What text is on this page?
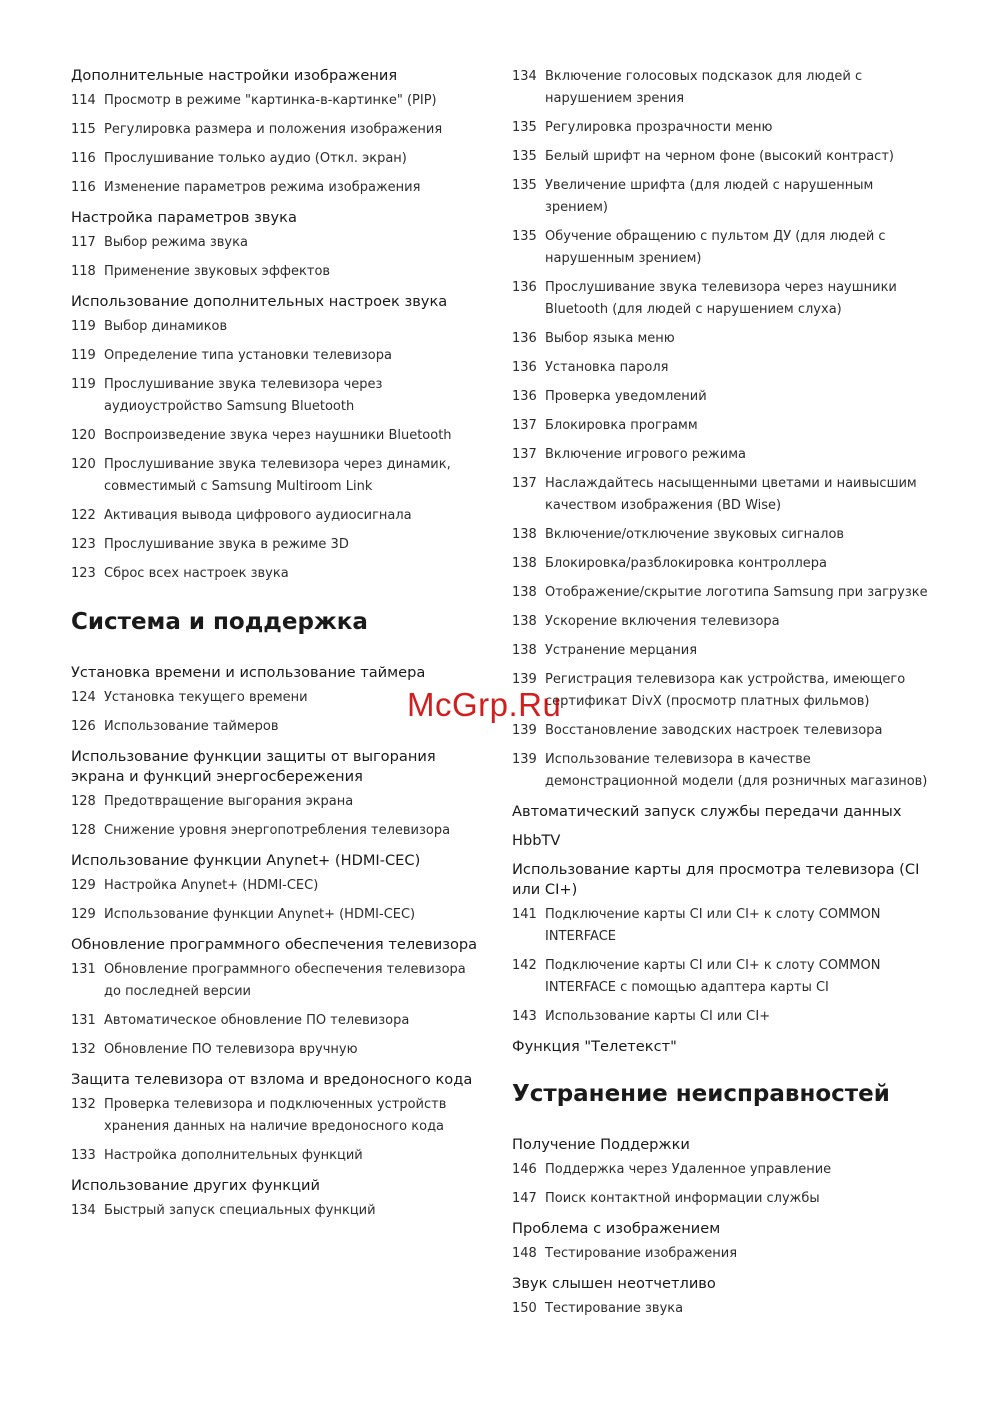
Дополнительные настройки изображения
114 Просмотр в режиме "картинка-в-картинке" (PIP)
115 Регулировка размера и положения изображения
116 Прослушивание только аудио (Откл. экран)
116 Изменение параметров режима изображения
Настройка параметров звука
117 Выбор режима звука
118 Применение звуковых эффектов
Использование дополнительных настроек звука
119 Выбор динамиков
119 Определение типа установки телевизора
119 Прослушивание звука телевизора через аудиоустройство Samsung Bluetooth
120 Воспроизведение звука через наушники Bluetooth
120 Прослушивание звука телевизора через динамик, совместимый с Samsung Multiroom Link
122 Активация вывода цифрового аудиосигнала
123 Прослушивание звука в режиме 3D
123 Сброс всех настроек звука
Система и поддержка
Установка времени и использование таймера
124 Установка текущего времени
126 Использование таймеров
Использование функции защиты от выгорания экрана и функций энергосбережения
128 Предотвращение выгорания экрана
128 Снижение уровня энергопотребления телевизора
Использование функции Anynet+ (HDMI-CEC)
129 Настройка Anynet+ (HDMI-CEC)
129 Использование функции Anynet+ (HDMI-CEC)
Обновление программного обеспечения телевизора
131 Обновление программного обеспечения телевизора до последней версии
131 Автоматическое обновление ПО телевизора
132 Обновление ПО телевизора вручную
Защита телевизора от взлома и вредоносного кода
132 Проверка телевизора и подключенных устройств хранения данных на наличие вредоносного кода
133 Настройка дополнительных функций
Использование других функций
134 Быстрый запуск специальных функций
134 Включение голосовых подсказок для людей с нарушением зрения
135 Регулировка прозрачности меню
135 Белый шрифт на черном фоне (высокий контраст)
135 Увеличение шрифта (для людей с нарушенным зрением)
135 Обучение обращению с пультом ДУ (для людей с нарушенным зрением)
136 Прослушивание звука телевизора через наушники Bluetooth (для людей с нарушением слуха)
136 Выбор языка меню
136 Установка пароля
136 Проверка уведомлений
137 Блокировка программ
137 Включение игрового режима
137 Наслаждайтесь насыщенными цветами и наивысшим качеством изображения (BD Wise)
138 Включение/отключение звуковых сигналов
138 Блокировка/разблокировка контроллера
138 Отображение/скрытие логотипа Samsung при загрузке
138 Ускорение включения телевизора
138 Устранение мерцания
139 Регистрация телевизора как устройства, имеющего сертификат DivX (просмотр платных фильмов)
139 Восстановление заводских настроек телевизора
139 Использование телевизора в качестве демонстрационной модели (для розничных магазинов)
Автоматический запуск службы передачи данных
HbbTV
Использование карты для просмотра телевизора (CI или CI+)
141 Подключение карты CI или CI+ к слоту COMMON INTERFACE
142 Подключение карты CI или CI+ к слоту COMMON INTERFACE с помощью адаптера карты CI
143 Использование карты CI или CI+
Функция "Телетекст"
Устранение неисправностей
Получение Поддержки
146 Поддержка через Удаленное управление
147 Поиск контактной информации службы
Проблема с изображением
148 Тестирование изображения
Звук слышен неотчетливо
150 Тестирование звука
McGrp.Ru
